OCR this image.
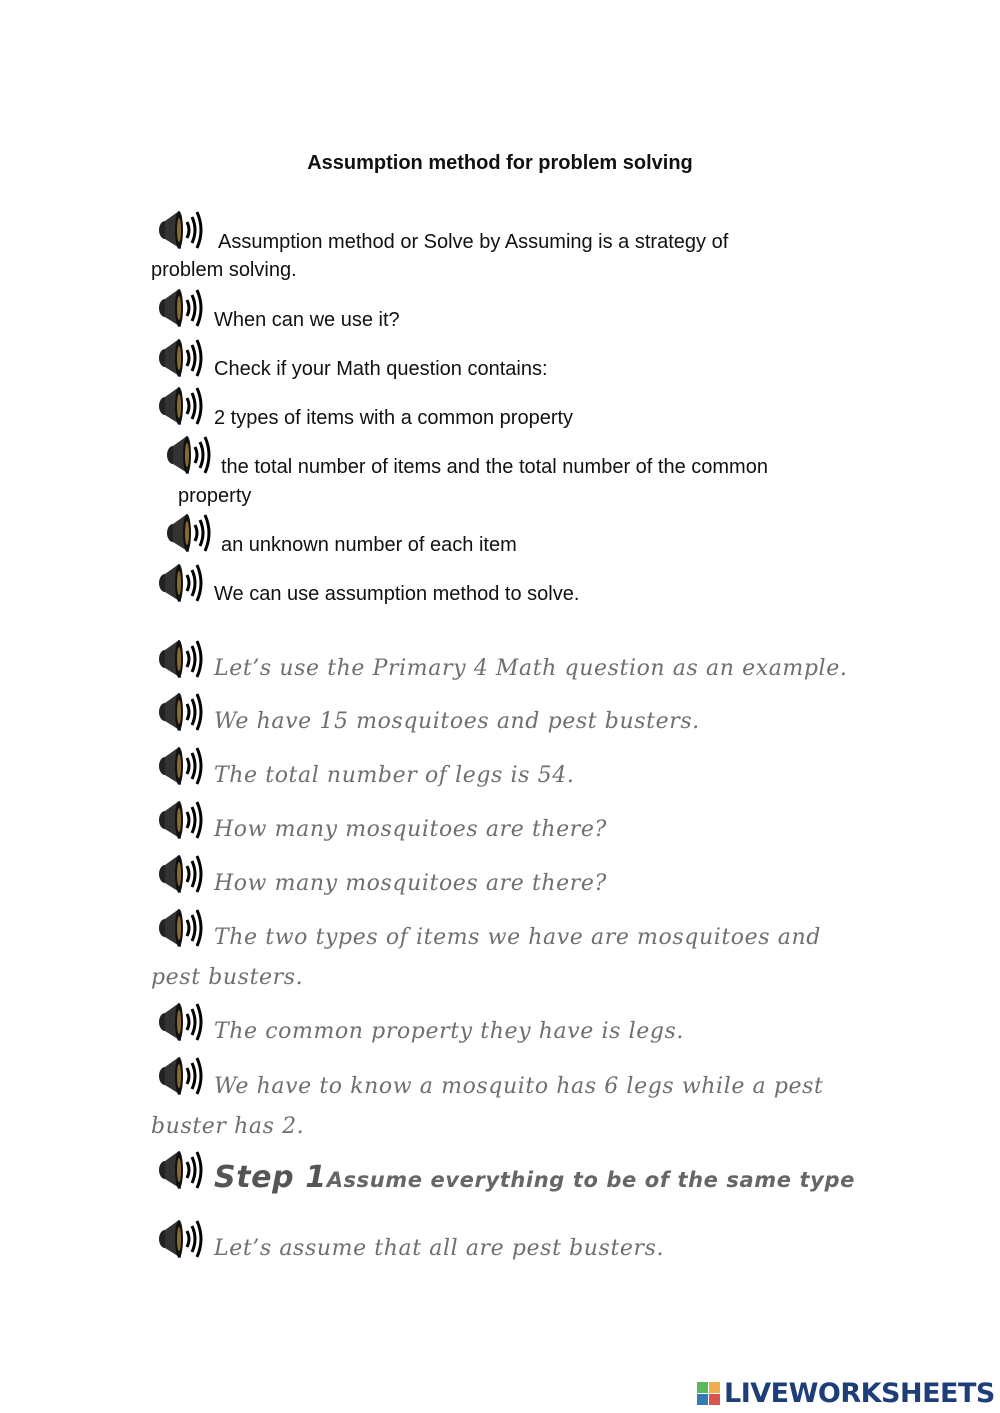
Assumption method for problem solving
Assumption method or Solve by Assuming is a strategy of
problem solving.
When can we use it?
Check if your Math question contains:
2 types of items with a common property
the total number of items and the total number of the common
property
an unknown number of each item
We can use assumption method to solve.
Let’s use the Primary 4 Math question as an example.
We have 15 mosquitoes and pest busters.
The total number of legs is 54.
How many mosquitoes are there?
How many mosquitoes are there?
The two types of items we have are mosquitoes and
pest busters.
The common property they have is legs.
We have to know a mosquito has 6 legs while a pest
buster has 2.
Step 1Assume everything to be of the same type
Let’s assume that all are pest busters.
LIVEWORKSHEETS
